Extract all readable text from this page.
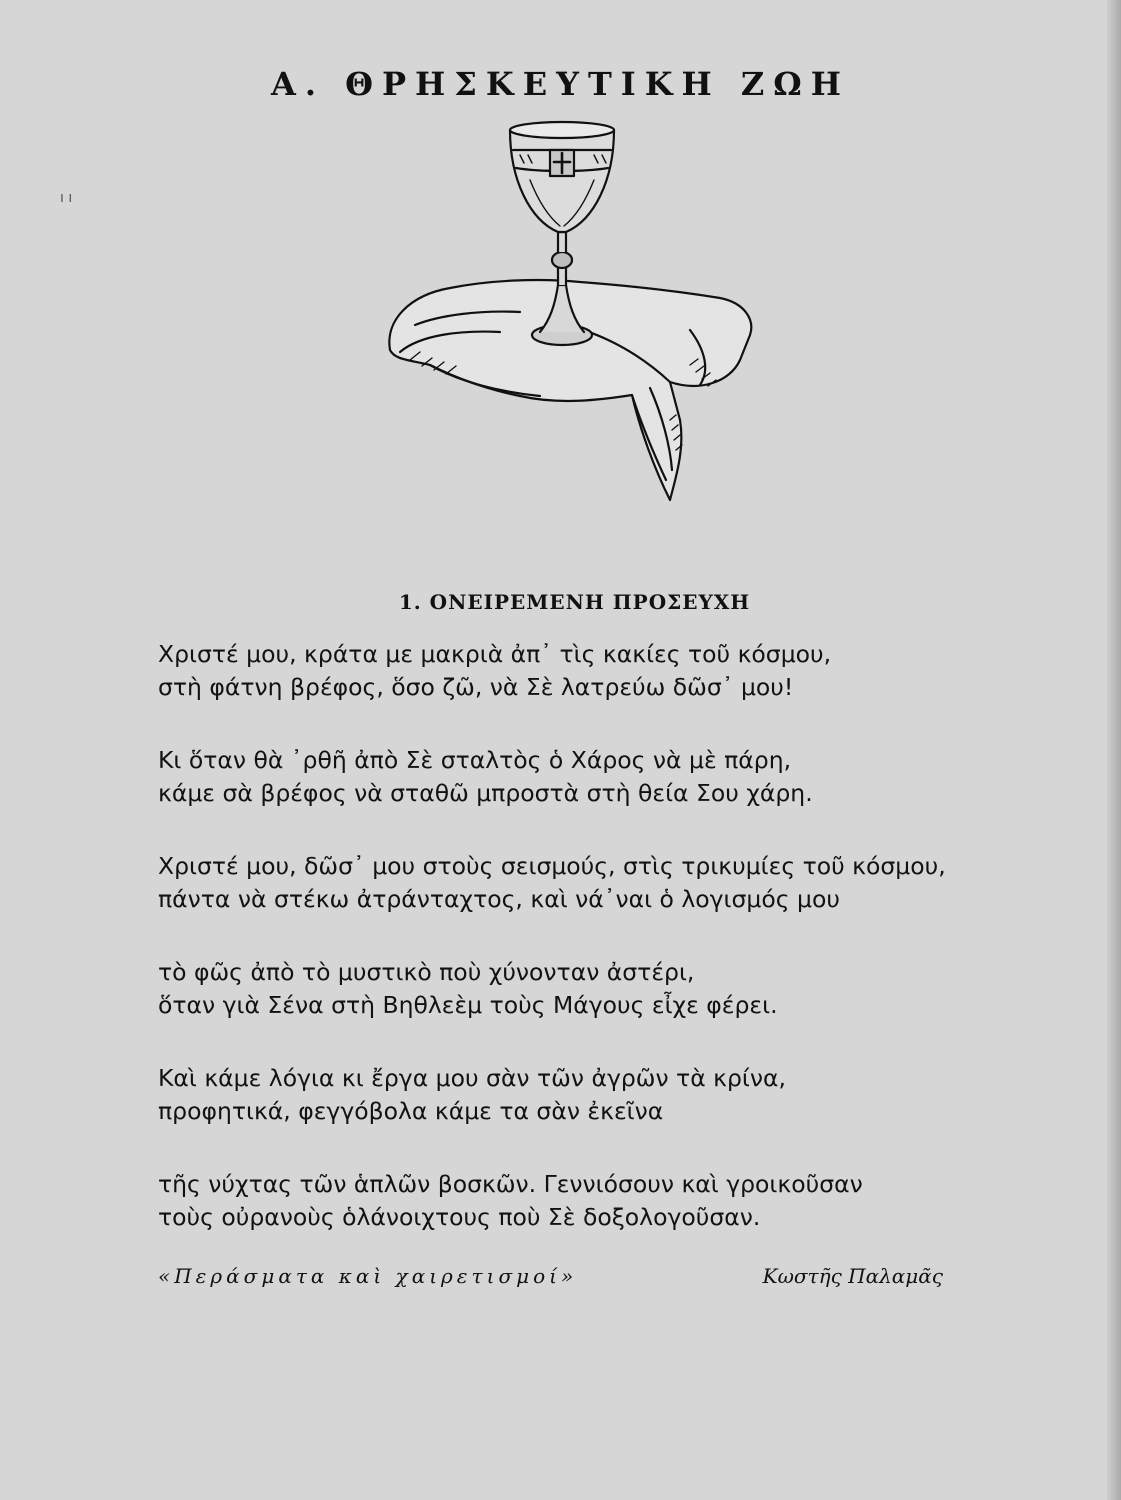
ı ı
Α. ΘΡΗΣΚΕΥΤΙΚΗ ΖΩΗ
1. ΟΝΕΙΡΕΜΕΝΗ ΠΡΟΣΕΥΧΗ
Χριστέ μου, κράτα με μακριὰ ἀπ᾽ τὶς κακίες τοῦ κόσμου,
στὴ φάτνη βρέφος, ὅσο ζῶ, νὰ Σὲ λατρεύω δῶσ᾽ μου!
Κι ὅταν θὰ ᾽ρθῆ ἀπὸ Σὲ σταλτὸς ὁ Χάρος νὰ μὲ πάρη,
κάμε σὰ βρέφος νὰ σταθῶ μπροστὰ στὴ θεία Σου χάρη.
Χριστέ μου, δῶσ᾽ μου στοὺς σεισμούς, στὶς τρικυμίες τοῦ κόσμου,
πάντα νὰ στέκω ἀτράνταχτος, καὶ νά᾽ναι ὁ λογισμός μου
τὸ φῶς ἀπὸ τὸ μυστικὸ ποὺ χύνονταν ἀστέρι,
ὅταν γιὰ Σένα στὴ Βηθλεὲμ τοὺς Μάγους εἶχε φέρει.
Καὶ κάμε λόγια κι ἔργα μου σὰν τῶν ἀγρῶν τὰ κρίνα,
προφητικά, φεγγόβολα κάμε τα σὰν ἐκεῖνα
τῆς νύχτας τῶν ἁπλῶν βοσκῶν. Γεννιόσουν καὶ γροικοῦσαν
τοὺς οὐρανοὺς ὁλάνοιχτους ποὺ Σὲ δοξολογοῦσαν.
«Περάσματα καὶ χαιρετισμοί»	Κωστῆς Παλαμᾶς
